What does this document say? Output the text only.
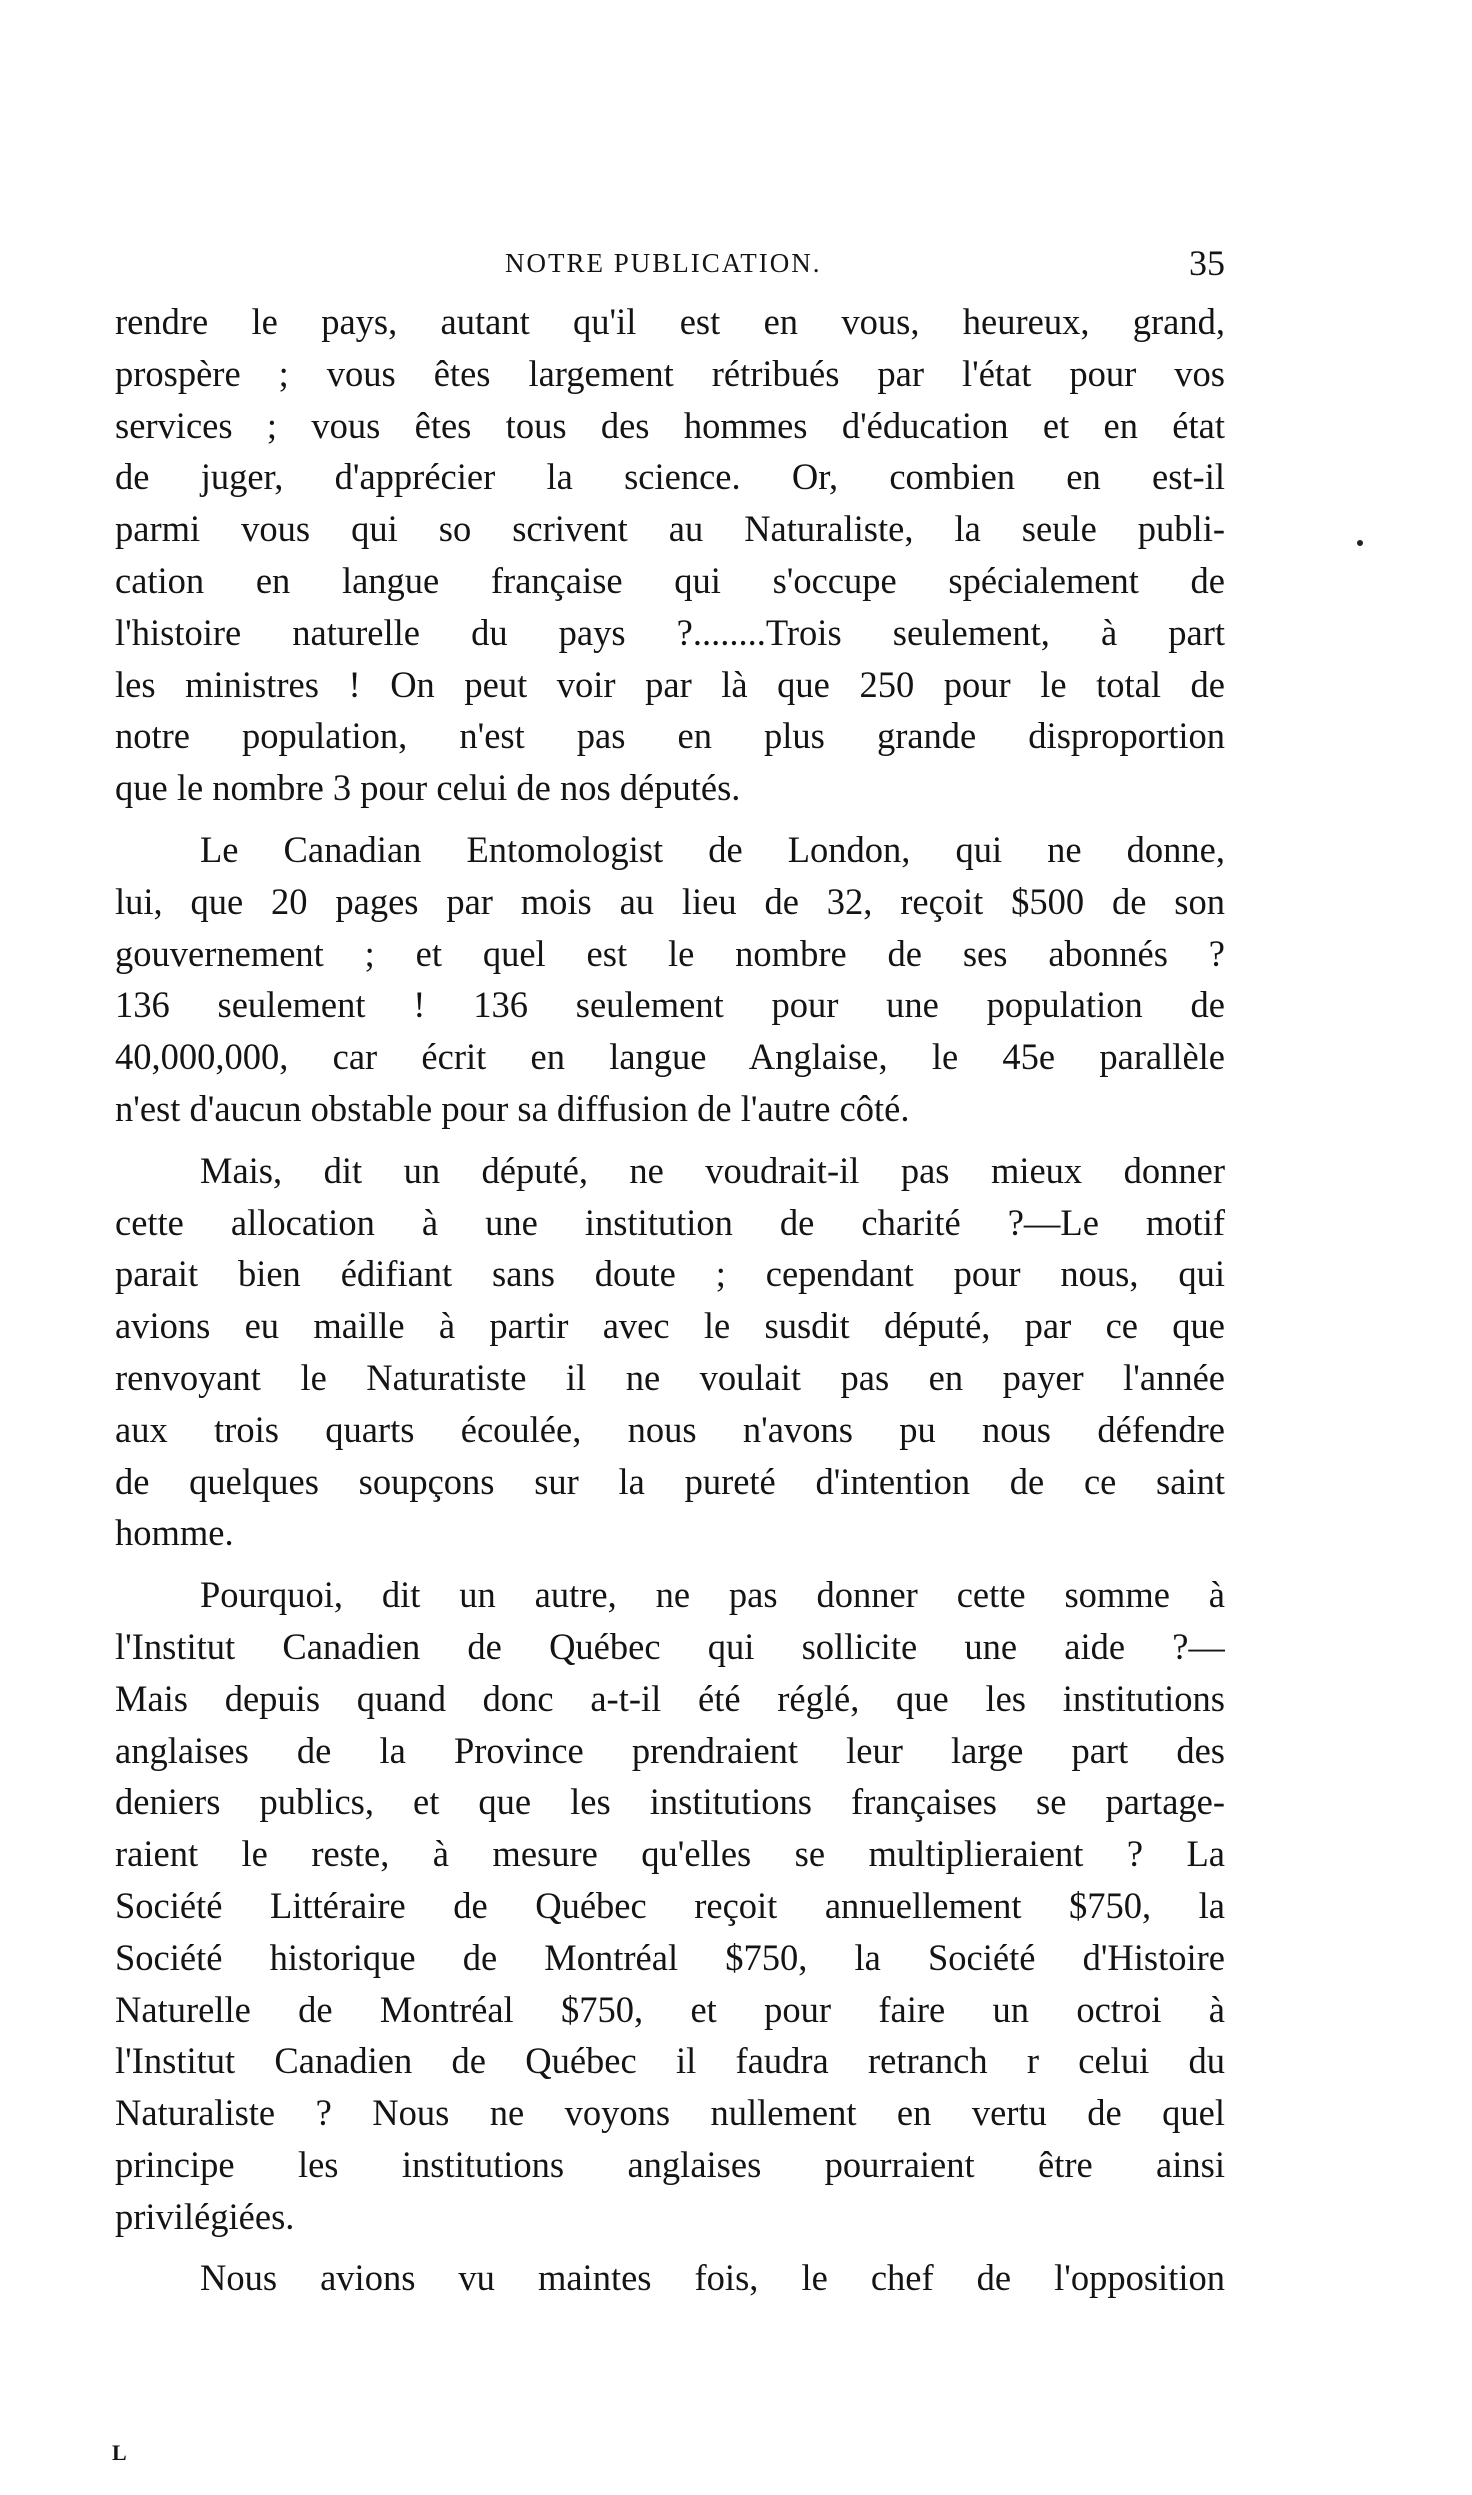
NOTRE PUBLICATION.	35
rendre le pays, autant qu'il est en vous, heureux, grand,
prospère ; vous êtes largement rétribués par l'état pour vos
services ; vous êtes tous des hommes d'éducation et en état
de juger, d'apprécier la science. Or, combien en est-il
parmi vous qui so scrivent au Naturaliste, la seule publi-
cation en langue française qui s'occupe spécialement de
l'histoire naturelle du pays ?........Trois seulement, à part
les ministres ! On peut voir par là que 250 pour le total de
notre population, n'est pas en plus grande disproportion
que le nombre 3 pour celui de nos députés.
Le Canadian Entomologist de London, qui ne donne,
lui, que 20 pages par mois au lieu de 32, reçoit $500 de son
gouvernement ; et quel est le nombre de ses abonnés ?
136 seulement ! 136 seulement pour une population de
40,000,000, car écrit en langue Anglaise, le 45e parallèle
n'est d'aucun obstable pour sa diffusion de l'autre côté.
Mais, dit un député, ne voudrait-il pas mieux donner
cette allocation à une institution de charité ?—Le motif
parait bien édifiant sans doute ; cependant pour nous, qui
avions eu maille à partir avec le susdit député, par ce que
renvoyant le Naturatiste il ne voulait pas en payer l'année
aux trois quarts écoulée, nous n'avons pu nous défendre
de quelques soupçons sur la pureté d'intention de ce saint
homme.
Pourquoi, dit un autre, ne pas donner cette somme à
l'Institut Canadien de Québec qui sollicite une aide ?—
Mais depuis quand donc a-t-il été réglé, que les institutions
anglaises de la Province prendraient leur large part des
deniers publics, et que les institutions françaises se partage-
raient le reste, à mesure qu'elles se multiplieraient ? La
Société Littéraire de Québec reçoit annuellement $750, la
Société historique de Montréal $750, la Société d'Histoire
Naturelle de Montréal $750, et pour faire un octroi à
l'Institut Canadien de Québec il faudra retranch r celui du
Naturaliste ? Nous ne voyons nullement en vertu de quel
principe les institutions anglaises pourraient être ainsi
privilégiées.
Nous avions vu maintes fois, le chef de l'opposition
L
